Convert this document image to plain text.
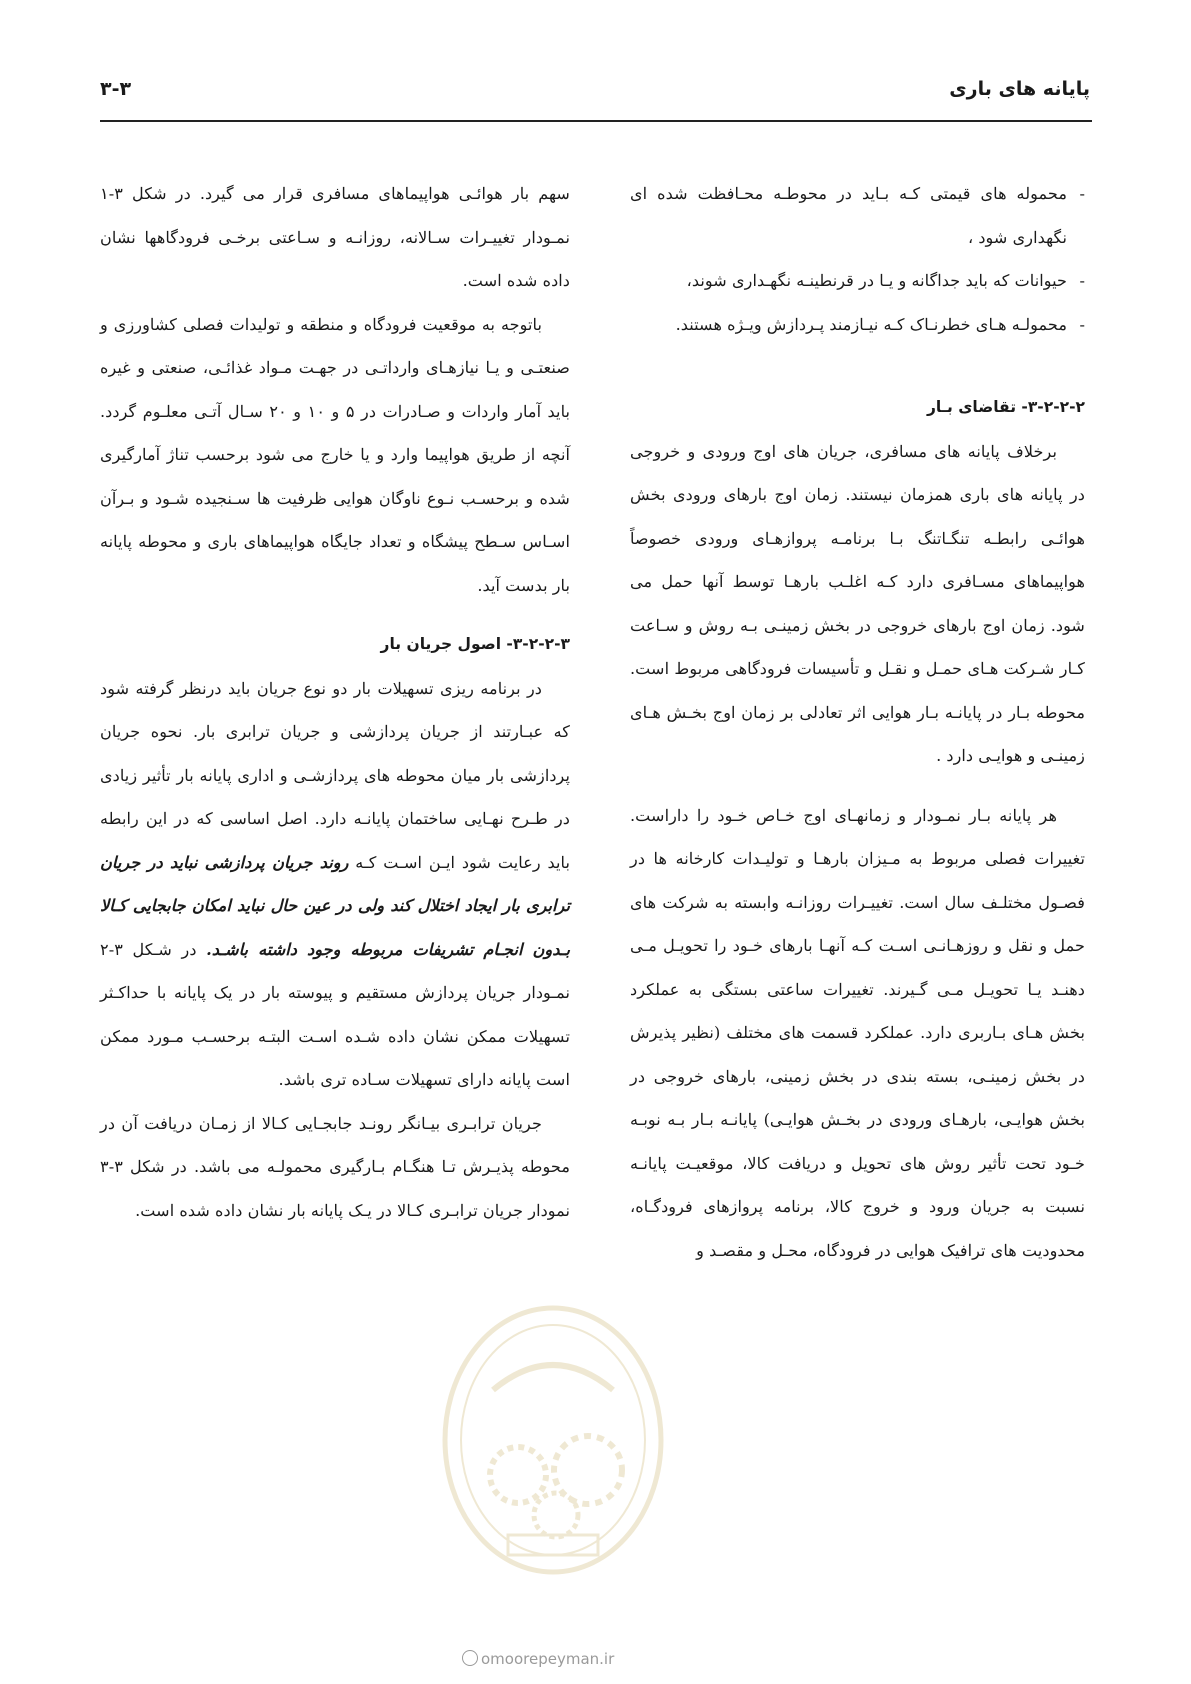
پایانه های باری
۳-۳

-
محموله های قیمتی کـه بـاید در محوطـه محـافظت شده ای نگهداری شود ،

-
حیوانات که باید جداگانه و یـا در قرنطینـه نگهـداری شوند،

-
محمولـه هـای خطرنـاک کـه نیـازمند پـردازش ویـژه هستند.

۳-۲-۲-۲- تقاضای بـار

برخلاف پایانه های مسافری، جریان های اوج ورودی و خروجی در پایانه های باری همزمان نیستند. زمان اوج بارهای ورودی بخش هوائـی رابطـه تنگـاتنگ بـا برنامـه پروازهـای ورودی خصوصاً هواپیماهای مسـافری دارد کـه اغلـب بارهـا توسط آنها حمل می شود. زمان اوج بارهای خروجی در بخش زمینـی بـه روش و سـاعت کـار شـرکت هـای حمـل و نقـل و تأسیسات فرودگاهی مربوط است. محوطه بـار در پایانـه بـار هوایی اثر تعادلی بر زمان اوج بخـش هـای زمینـی و هوایـی دارد .

هر پایانه بـار نمـودار و زمانهـای اوج خـاص خـود را داراست. تغییرات فصلی مربوط به مـیزان بارهـا و تولیـدات کارخانه ها در فصـول مختلـف سال است. تغییـرات روزانـه وابسته به شرکت های حمل و نقل و روزهـانـی اسـت کـه آنهـا بارهای خـود را تحویـل مـی دهنـد یـا تحویـل مـی گـیرند. تغییرات ساعتی بستگی به عملکرد بخش هـای بـاربری دارد. عملکرد قسمت های مختلف (نظیر پذیرش در بخش زمینـی، بسته بندی در بخش زمینی، بارهای خروجی در بخش هوایـی، بارهـای ورودی در بخـش هوایـی) پایانـه بـار بـه نوبـه خـود تحت تأثیر روش های تحویل و دریافت کالا، موقعیـت پایانـه نسبت به جریان ورود و خروج کالا، برنامه پروازهای فرودگـاه، محدودیت های ترافیک هوایی در فرودگاه، محـل و مقصـد و

سهم بار هوائـی هواپیماهای مسافری قرار می گیرد. در شکل ۳-۱ نمـودار تغییـرات سـالانه، روزانـه و سـاعتی برخـی فرودگاهها نشان داده شده است.

باتوجه به موقعیت فرودگاه و منطقه و تولیدات فصلی کشاورزی و صنعتـی و یـا نیازهـای وارداتـی در جهـت مـواد غذائـی، صنعتی و غیره باید آمار واردات و صـادرات در ۵ و ۱۰ و ۲۰ سـال آتـی معلـوم گردد. آنچه از طریق هواپیما وارد و یا خارج می شود برحسب تناژ آمارگیری شده و برحسـب نـوع ناوگان هوایی ظرفیت ها سـنجیده شـود و بـرآن اسـاس سـطح پیشگاه و تعداد جایگاه هواپیماهای باری و محوطه پایانه بار بدست آید.

۳-۲-۲-۳- اصول جریان بار

در برنامه ریزی تسهیلات بار دو نوع جریان باید درنظر گرفته شود که عبـارتند از جریان پردازشی و جریان ترابری بار. نحوه جریان پردازشی بار میان محوطه های پردازشـی و اداری پایانه بار تأثیر زیادی در طـرح نهـایی ساختمان پایانـه دارد. اصل اساسی که در این رابطه باید رعایت شود ایـن اسـت کـه روند جریان پردازشی نباید در جریان ترابری بار ایجاد اختلال کند ولی در عین حال نباید امکان جابجایی کـالا بـدون انجـام تشریفات مربوطه وجود داشته باشـد. در شـکل ۳-۲ نمـودار جریان پردازش مستقیم و پیوسته بار در یک پایانه با حداکـثر تسهیلات ممکن نشان داده شـده اسـت البتـه برحسـب مـورد ممکن است پایانه دارای تسهیلات سـاده تری باشد.

جریان ترابـری بیـانگر رونـد جابجـایی کـالا از زمـان دریافت آن در محوطه پذیـرش تـا هنگـام بـارگیری محمولـه می باشد. در شکل ۳-۳ نمودار جریان ترابـری کـالا در یـک پایانه بار نشان داده شده است.

omoorepeyman.ir
